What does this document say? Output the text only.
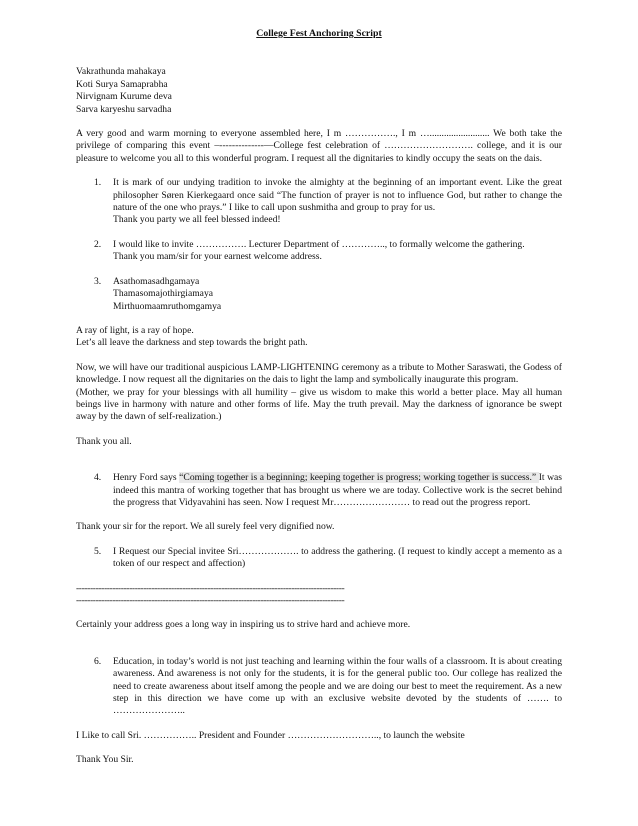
College Fest Anchoring Script
Vakrathunda mahakaya
Koti Surya Samaprabha
Nirvignam Kurume deva
Sarva karyeshu sarvadha

A very good and warm morning to everyone assembled here, I m ……………., I m …......................... We both take the privilege of comparing this event –--------------—College fest celebration of ………………………. college, and it is our pleasure to welcome you all to this wonderful program. I request all the dignitaries to kindly occupy the seats on the dais.

1.	It is mark of our undying tradition to invoke the almighty at the beginning of an important event. Like the great philosopher Søren Kierkegaard once said “The function of prayer is not to influence God, but rather to change the nature of the one who prays.” I like to call upon sushmitha and group to pray for us.
Thank you party we all feel blessed indeed!
2.	I would like to invite ……………. Lecturer Department of ………….., to formally welcome the gathering.
Thank you mam/sir for your earnest welcome address.
3.	Asathomasadhgamaya
Thamasomajothirgiamaya
Mirthuomaamruthomgamya
A ray of light, is a ray of hope.
Let’s all leave the darkness and step towards the bright path.

Now, we will have our traditional auspicious LAMP-LIGHTENING ceremony as a tribute to Mother Saraswati, the Godess of knowledge. I now request all the dignitaries on the dais to light the lamp and symbolically inaugurate this program.

(Mother, we pray for your blessings with all humility – give us wisdom to make this world a better place. May all human beings live in harmony with nature and other forms of life. May the truth prevail. May the darkness of ignorance be swept away by the dawn of self-realization.)

Thank you all.

4.	Henry Ford says “Coming together is a beginning; keeping together is progress; working together is success.” It was indeed this mantra of working together that has brought us where we are today. Collective work is the secret behind the progress that Vidyavahini has seen. Now I request Mr…………………… to read out the progress report.

Thank your sir for the report. We all surely feel very dignified now.

5.	I Request our Special invitee Sri………………. to address the gathering. (I request to kindly accept a memento as a token of our respect and affection)
------------------------------------------------------------------------------------------------
------------------------------------------------------------------------------------------------

Certainly your address goes a long way in inspiring us to strive hard and achieve more.

6.	Education, in today’s world is not just teaching and learning within the four walls of a classroom. It is about creating awareness. And awareness is not only for the students, it is for the general public too. Our college has realized the need to create awareness about itself among the people and we are doing our best to meet the requirement. As a new step in this direction we have come up with an exclusive website devoted by the students of ……. to …………………..

I Like to call Sri. …………….. President and Founder ……………………….., to launch the website

Thank You Sir.
